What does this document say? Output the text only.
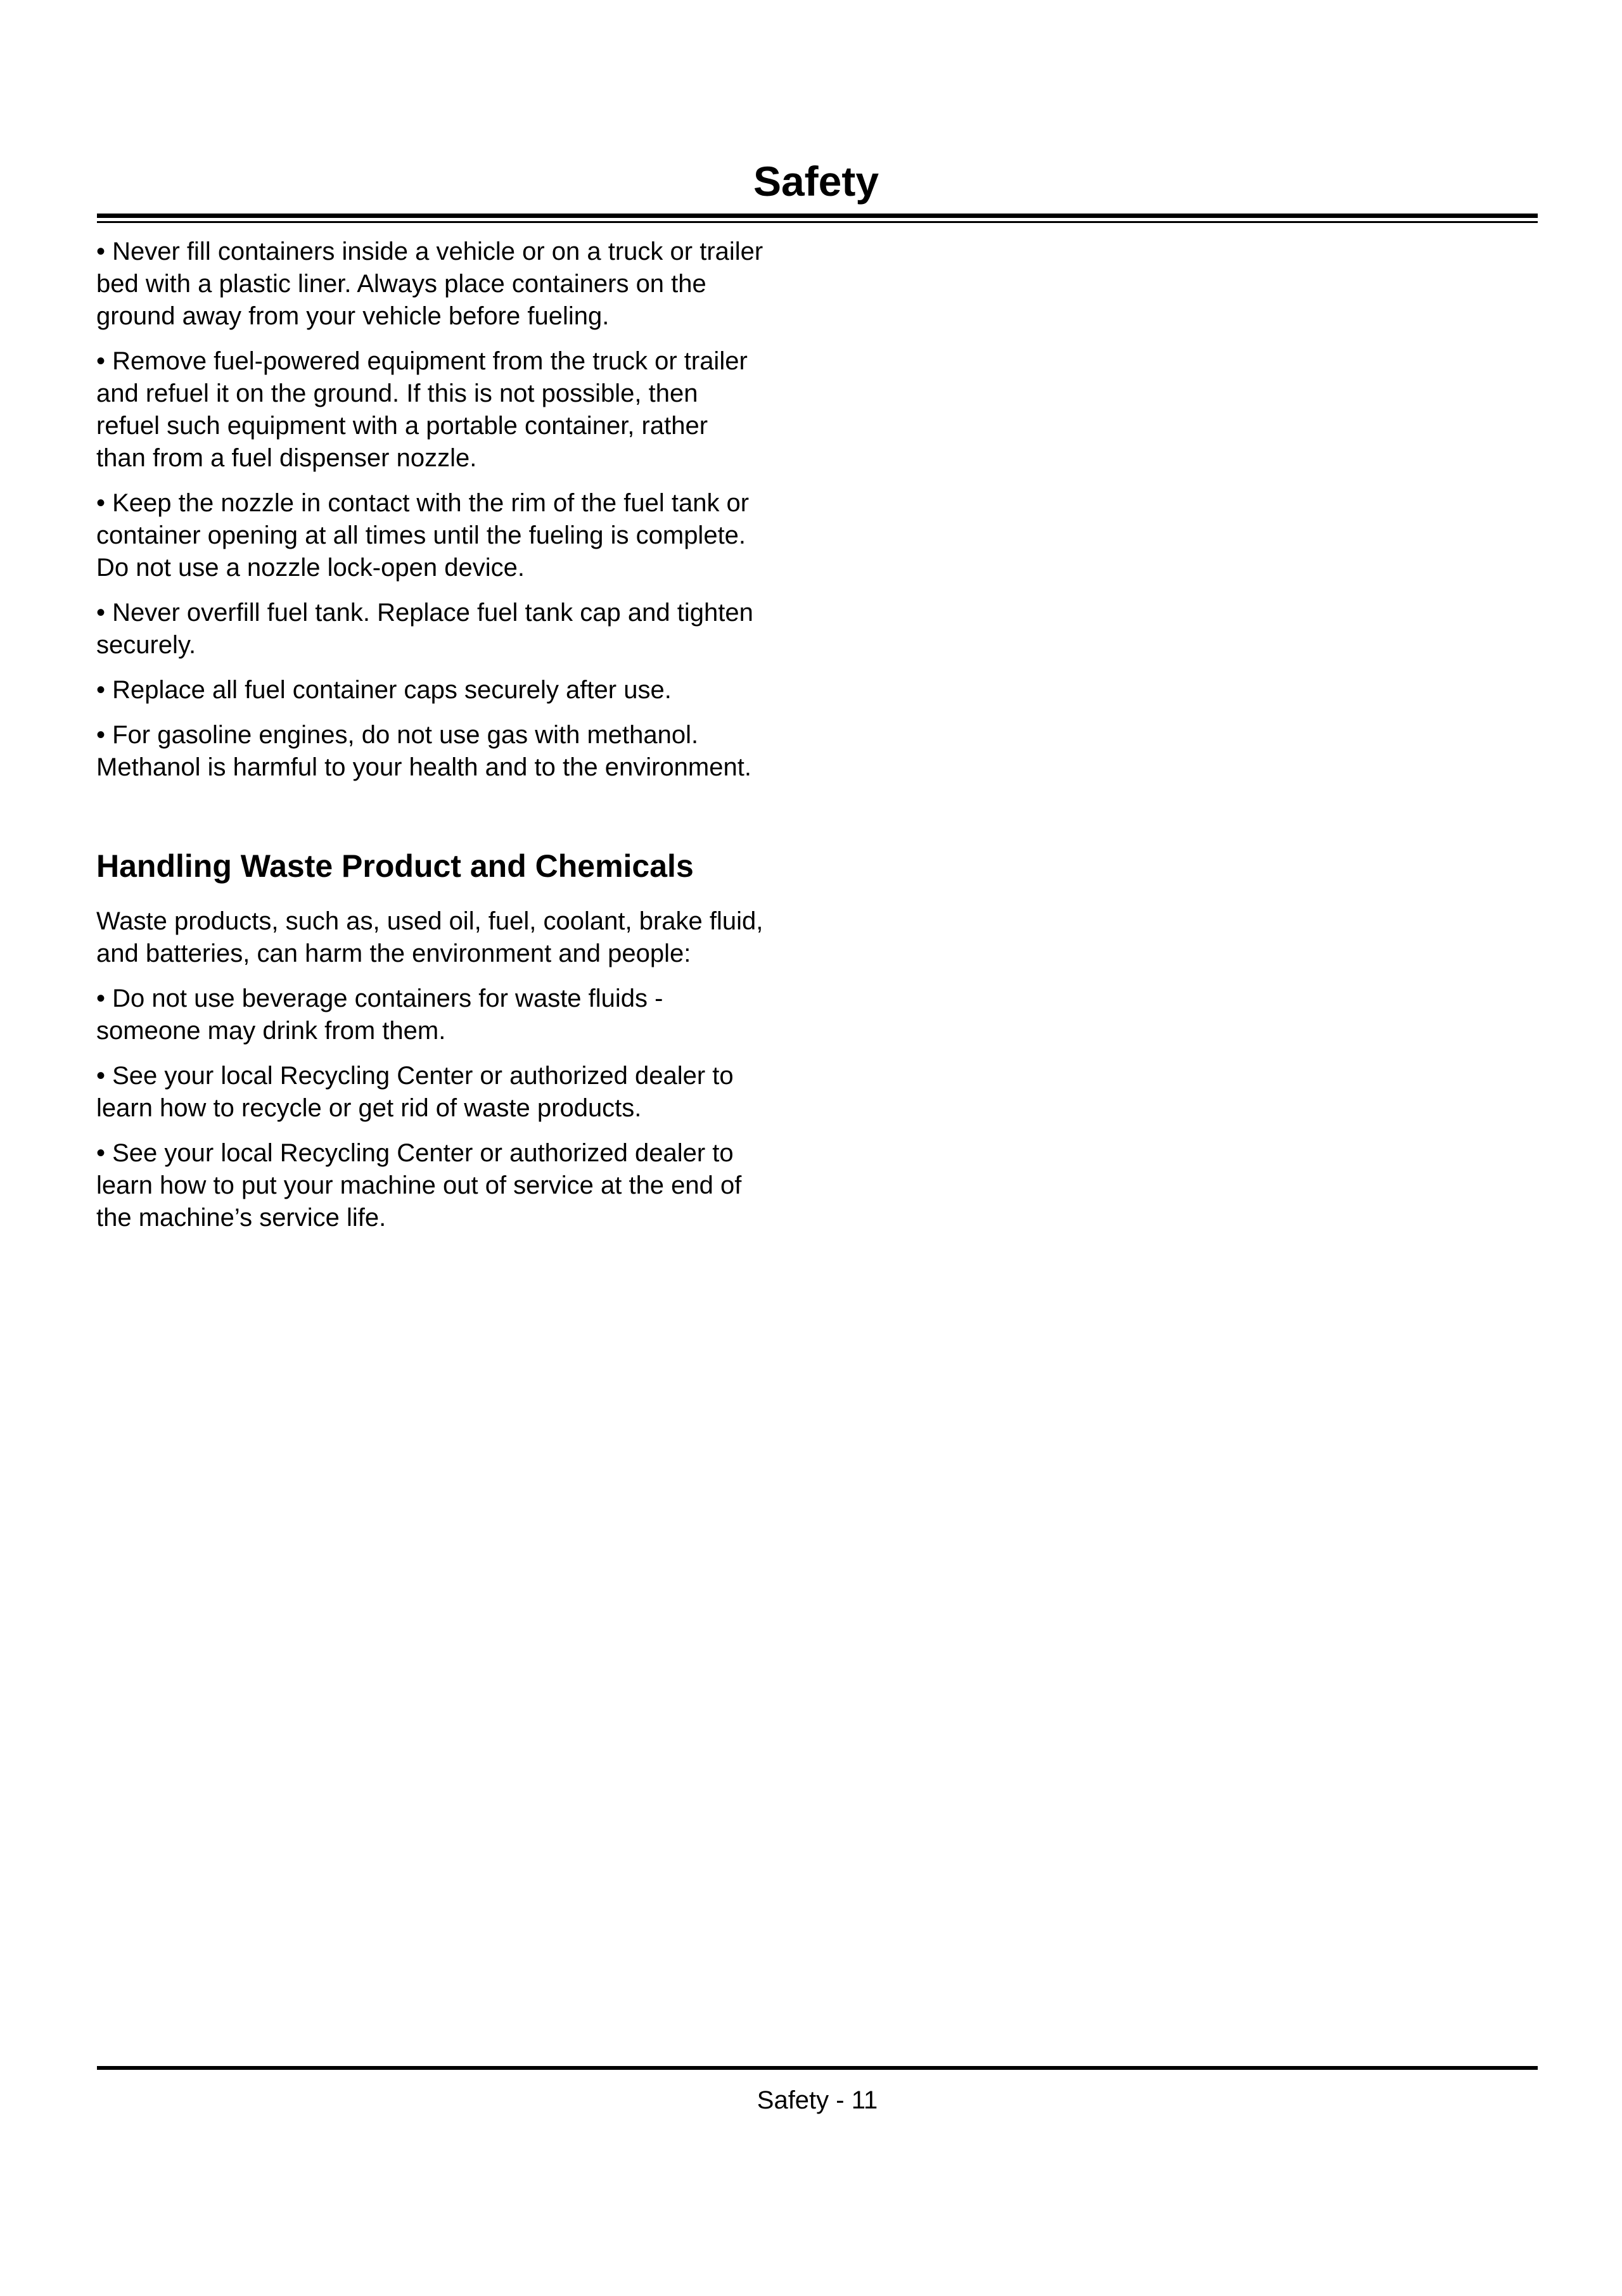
Safety

• Never fill containers inside a vehicle or on a truck or trailer
bed with a plastic liner. Always place containers on the
ground away from your vehicle before fueling.

• Remove fuel-powered equipment from the truck or trailer
and refuel it on the ground. If this is not possible, then
refuel such equipment with a portable container, rather
than from a fuel dispenser nozzle.

• Keep the nozzle in contact with the rim of the fuel tank or
container opening at all times until the fueling is complete.
Do not use a nozzle lock-open device.

• Never overfill fuel tank. Replace fuel tank cap and tighten
securely.

• Replace all fuel container caps securely after use.

• For gasoline engines, do not use gas with methanol.
Methanol is harmful to your health and to the environment.

Handling Waste Product and Chemicals

Waste products, such as, used oil, fuel, coolant, brake fluid,
and batteries, can harm the environment and people:

• Do not use beverage containers for waste fluids -
someone may drink from them.

• See your local Recycling Center or authorized dealer to
learn how to recycle or get rid of waste products.

• See your local Recycling Center or authorized dealer to
learn how to put your machine out of service at the end of
the machine’s service life.

Safety - 11
